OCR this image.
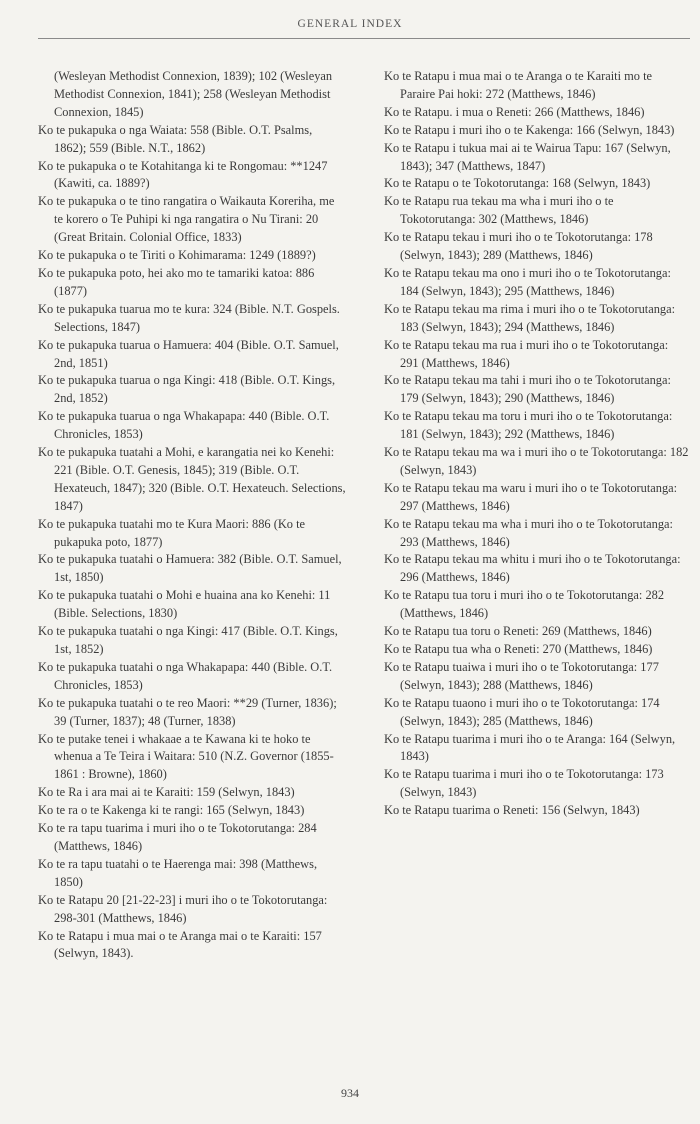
GENERAL INDEX

(Wesleyan Methodist Connexion, 1839); 102 (Wesleyan Methodist Connexion, 1841); 258 (Wesleyan Methodist Connexion, 1845)

Ko te pukapuka o nga Waiata: 558 (Bible. O.T. Psalms, 1862); 559 (Bible. N.T., 1862)

Ko te pukapuka o te Kotahitanga ki te Rongomau: **1247 (Kawiti, ca. 1889?)

Ko te pukapuka o te tino rangatira o Waikauta Koreriha, me te korero o Te Puhipi ki nga rangatira o Nu Tirani: 20 (Great Britain. Colonial Office, 1833)

Ko te pukapuka o te Tiriti o Kohimarama: 1249 (1889?)

Ko te pukapuka poto, hei ako mo te tamariki katoa: 886 (1877)

Ko te pukapuka tuarua mo te kura: 324 (Bible. N.T. Gospels. Selections, 1847)

Ko te pukapuka tuarua o Hamuera: 404 (Bible. O.T. Samuel, 2nd, 1851)

Ko te pukapuka tuarua o nga Kingi: 418 (Bible. O.T. Kings, 2nd, 1852)

Ko te pukapuka tuarua o nga Whakapapa: 440 (Bible. O.T. Chronicles, 1853)

Ko te pukapuka tuatahi a Mohi, e karangatia nei ko Kenehi: 221 (Bible. O.T. Genesis, 1845); 319 (Bible. O.T. Hexateuch, 1847); 320 (Bible. O.T. Hexateuch. Selections, 1847)

Ko te pukapuka tuatahi mo te Kura Maori: 886 (Ko te pukapuka poto, 1877)

Ko te pukapuka tuatahi o Hamuera: 382 (Bible. O.T. Samuel, 1st, 1850)

Ko te pukapuka tuatahi o Mohi e huaina ana ko Kenehi: 11 (Bible. Selections, 1830)

Ko te pukapuka tuatahi o nga Kingi: 417 (Bible. O.T. Kings, 1st, 1852)

Ko te pukapuka tuatahi o nga Whakapapa: 440 (Bible. O.T. Chronicles, 1853)

Ko te pukapuka tuatahi o te reo Maori: **29 (Turner, 1836); 39 (Turner, 1837); 48 (Turner, 1838)

Ko te putake tenei i whakaae a te Kawana ki te hoko te whenua a Te Teira i Waitara: 510 (N.Z. Governor (1855-1861 : Browne), 1860)

Ko te Ra i ara mai ai te Karaiti: 159 (Selwyn, 1843)

Ko te ra o te Kakenga ki te rangi: 165 (Selwyn, 1843)

Ko te ra tapu tuarima i muri iho o te Tokotorutanga: 284 (Matthews, 1846)

Ko te ra tapu tuatahi o te Haerenga mai: 398 (Matthews, 1850)

Ko te Ratapu 20 [21-22-23] i muri iho o te Tokotorutanga: 298-301 (Matthews, 1846)

Ko te Ratapu i mua mai o te Aranga mai o te Karaiti: 157 (Selwyn, 1843).

Ko te Ratapu i mua mai o te Aranga o te Karaiti mo te Paraire Pai hoki: 272 (Matthews, 1846)

Ko te Ratapu. i mua o Reneti: 266 (Matthews, 1846)

Ko te Ratapu i muri iho o te Kakenga: 166 (Selwyn, 1843)

Ko te Ratapu i tukua mai ai te Wairua Tapu: 167 (Selwyn, 1843); 347 (Matthews, 1847)

Ko te Ratapu o te Tokotorutanga: 168 (Selwyn, 1843)

Ko te Ratapu rua tekau ma wha i muri iho o te Tokotorutanga: 302 (Matthews, 1846)

Ko te Ratapu tekau i muri iho o te Tokotorutanga: 178 (Selwyn, 1843); 289 (Matthews, 1846)

Ko te Ratapu tekau ma ono i muri iho o te Tokotorutanga: 184 (Selwyn, 1843); 295 (Matthews, 1846)

Ko te Ratapu tekau ma rima i muri iho o te Tokotorutanga: 183 (Selwyn, 1843); 294 (Matthews, 1846)

Ko te Ratapu tekau ma rua i muri iho o te Tokotorutanga: 291 (Matthews, 1846)

Ko te Ratapu tekau ma tahi i muri iho o te Tokotorutanga: 179 (Selwyn, 1843); 290 (Matthews, 1846)

Ko te Ratapu tekau ma toru i muri iho o te Tokotorutanga: 181 (Selwyn, 1843); 292 (Matthews, 1846)

Ko te Ratapu tekau ma wa i muri iho o te Tokotorutanga: 182 (Selwyn, 1843)

Ko te Ratapu tekau ma waru i muri iho o te Tokotorutanga: 297 (Matthews, 1846)

Ko te Ratapu tekau ma wha i muri iho o te Tokotorutanga: 293 (Matthews, 1846)

Ko te Ratapu tekau ma whitu i muri iho o te Tokotorutanga: 296 (Matthews, 1846)

Ko te Ratapu tua toru i muri iho o te Tokotorutanga: 282 (Matthews, 1846)

Ko te Ratapu tua toru o Reneti: 269 (Matthews, 1846)

Ko te Ratapu tua wha o Reneti: 270 (Matthews, 1846)

Ko te Ratapu tuaiwa i muri iho o te Tokotorutanga: 177 (Selwyn, 1843); 288 (Matthews, 1846)

Ko te Ratapu tuaono i muri iho o te Tokotorutanga: 174 (Selwyn, 1843); 285 (Matthews, 1846)

Ko te Ratapu tuarima i muri iho o te Aranga: 164 (Selwyn, 1843)

Ko te Ratapu tuarima i muri iho o te Tokotorutanga: 173 (Selwyn, 1843)

Ko te Ratapu tuarima o Reneti: 156 (Selwyn, 1843)

934
